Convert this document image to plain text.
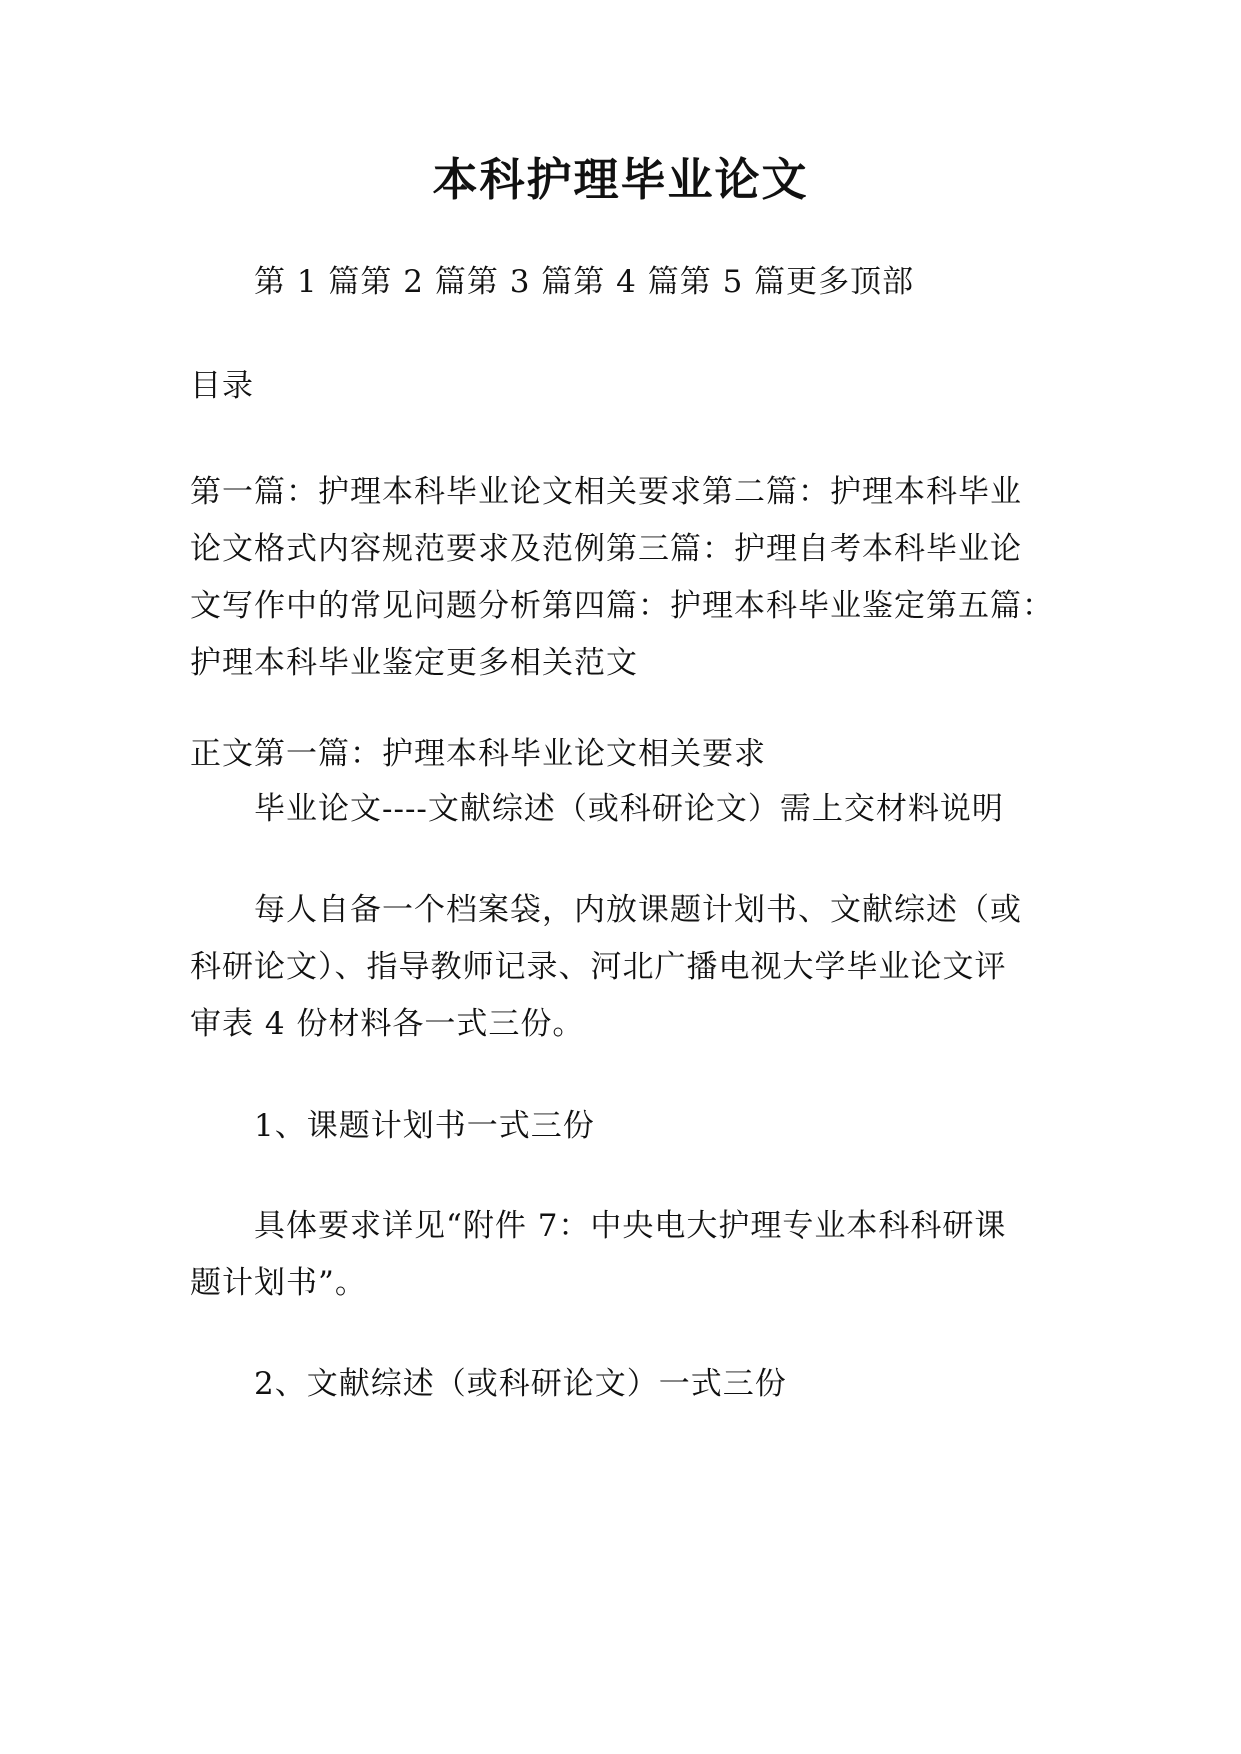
本科护理毕业论文
第 1 篇第 2 篇第 3 篇第 4 篇第 5 篇更多顶部
目录
第一篇：护理本科毕业论文相关要求第二篇：护理本科毕业
论文格式内容规范要求及范例第三篇：护理自考本科毕业论
文写作中的常见问题分析第四篇：护理本科毕业鉴定第五篇：
护理本科毕业鉴定更多相关范文
正文第一篇：护理本科毕业论文相关要求
毕业论文----文献综述（或科研论文）需上交材料说明
每人自备一个档案袋，内放课题计划书、文献综述（或
科研论文）、指导教师记录、河北广播电视大学毕业论文评
审表 4 份材料各一式三份。
1、课题计划书一式三份
具体要求详见“附件 7：中央电大护理专业本科科研课
题计划书”。
2、文献综述（或科研论文）一式三份
